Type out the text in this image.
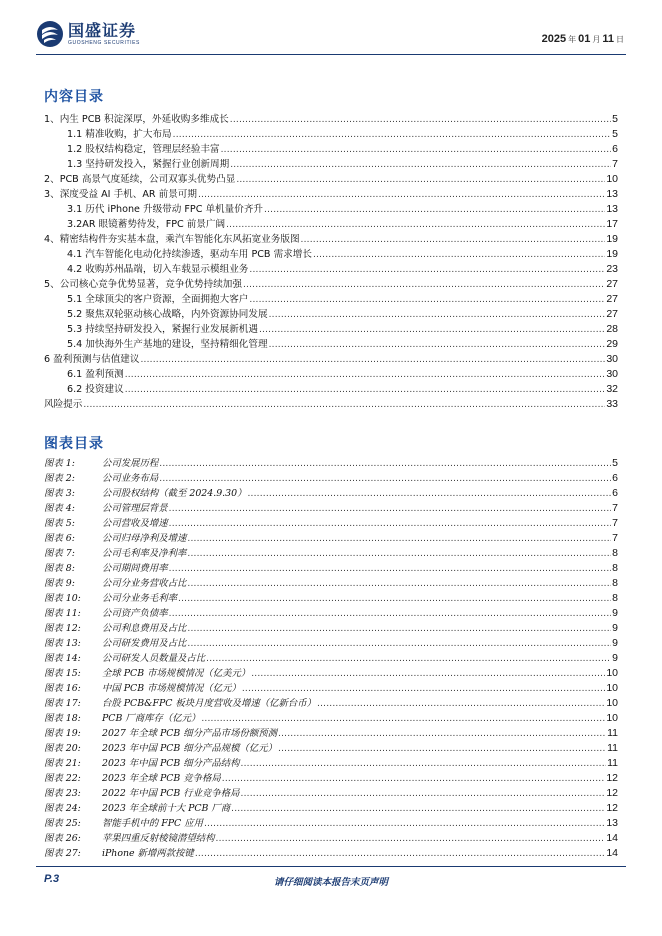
国盛证券
GUOSHENG SECURITIES	2025 年 01 月 11 日
内容目录
1、内生 PCB 积淀深厚，外延收购多维成长 .....	5
1.1 精准收购，扩大布局 .....	5
1.2 股权结构稳定，管理层经验丰富 .....	6
1.3 坚持研发投入，紧握行业创新周期 .....	7
2、PCB 高景气度延续，公司双寡头优势凸显 .....	10
3、深度受益 AI 手机、AR 前景可期 .....	13
3.1 历代 iPhone 升级带动 FPC 单机量价齐升 .....	13
3.2AR 眼镜蓄势待发，FPC 前景广阔 .....	17
4、精密结构件夯实基本盘，乘汽车智能化东风拓宽业务版图 .....	19
4.1 汽车智能化电动化持续渗透，驱动车用 PCB 需求增长 .....	19
4.2 收购苏州晶端，切入车载显示模组业务 .....	23
5、公司核心竞争优势显著，竞争优势持续加强 .....	27
5.1 全球顶尖的客户资源，全面拥抱大客户 .....	27
5.2 聚焦双轮驱动核心战略，内外资源协同发展 .....	27
5.3 持续坚持研发投入，紧握行业发展新机遇 .....	28
5.4 加快海外生产基地的建设，坚持精细化管理 .....	29
6 盈利预测与估值建议 .....	30
6.1 盈利预测 .....	30
6.2 投资建议 .....	32
风险提示 .....	33
图表目录
图表 1:	公司发展历程 .....	5
图表 2:	公司业务布局 .....	6
图表 3:	公司股权结构（截至 2024.9.30） .....	6
图表 4:	公司管理层背景 .....	7
图表 5:	公司营收及增速 .....	7
图表 6:	公司归母净利及增速 .....	7
图表 7:	公司毛利率及净利率 .....	8
图表 8:	公司期间费用率 .....	8
图表 9:	公司分业务营收占比 .....	8
图表 10: 公司分业务毛利率 .....	8
图表 11: 公司资产负债率 .....	9
图表 12: 公司利息费用及占比 .....	9
图表 13: 公司研发费用及占比 .....	9
图表 14: 公司研发人员数量及占比 .....	9
图表 15: 全球 PCB 市场规模情况（亿美元） .....	10
图表 16: 中国 PCB 市场规模情况（亿元） .....	10
图表 17: 台股 PCB&FPC 板块月度营收及增速（亿新台币） .....	10
图表 18: PCB 厂商库存（亿元） .....	10
图表 19: 2027 年全球 PCB 细分产品市场份额预测 .....	11
图表 20: 2023 年中国 PCB 细分产品规模（亿元） .....	11
图表 21: 2023 年中国 PCB 细分产品结构 .....	11
图表 22: 2023 年全球 PCB 竞争格局 .....	12
图表 23: 2022 年中国 PCB 行业竞争格局 .....	12
图表 24: 2023 年全球前十大 PCB 厂商 .....	12
图表 25: 智能手机中的 FPC 应用 .....	13
图表 26: 苹果四重反射棱镜潜望结构 .....	14
图表 27: iPhone 新增两款按键 .....	14
P.3	请仔细阅读本报告末页声明
